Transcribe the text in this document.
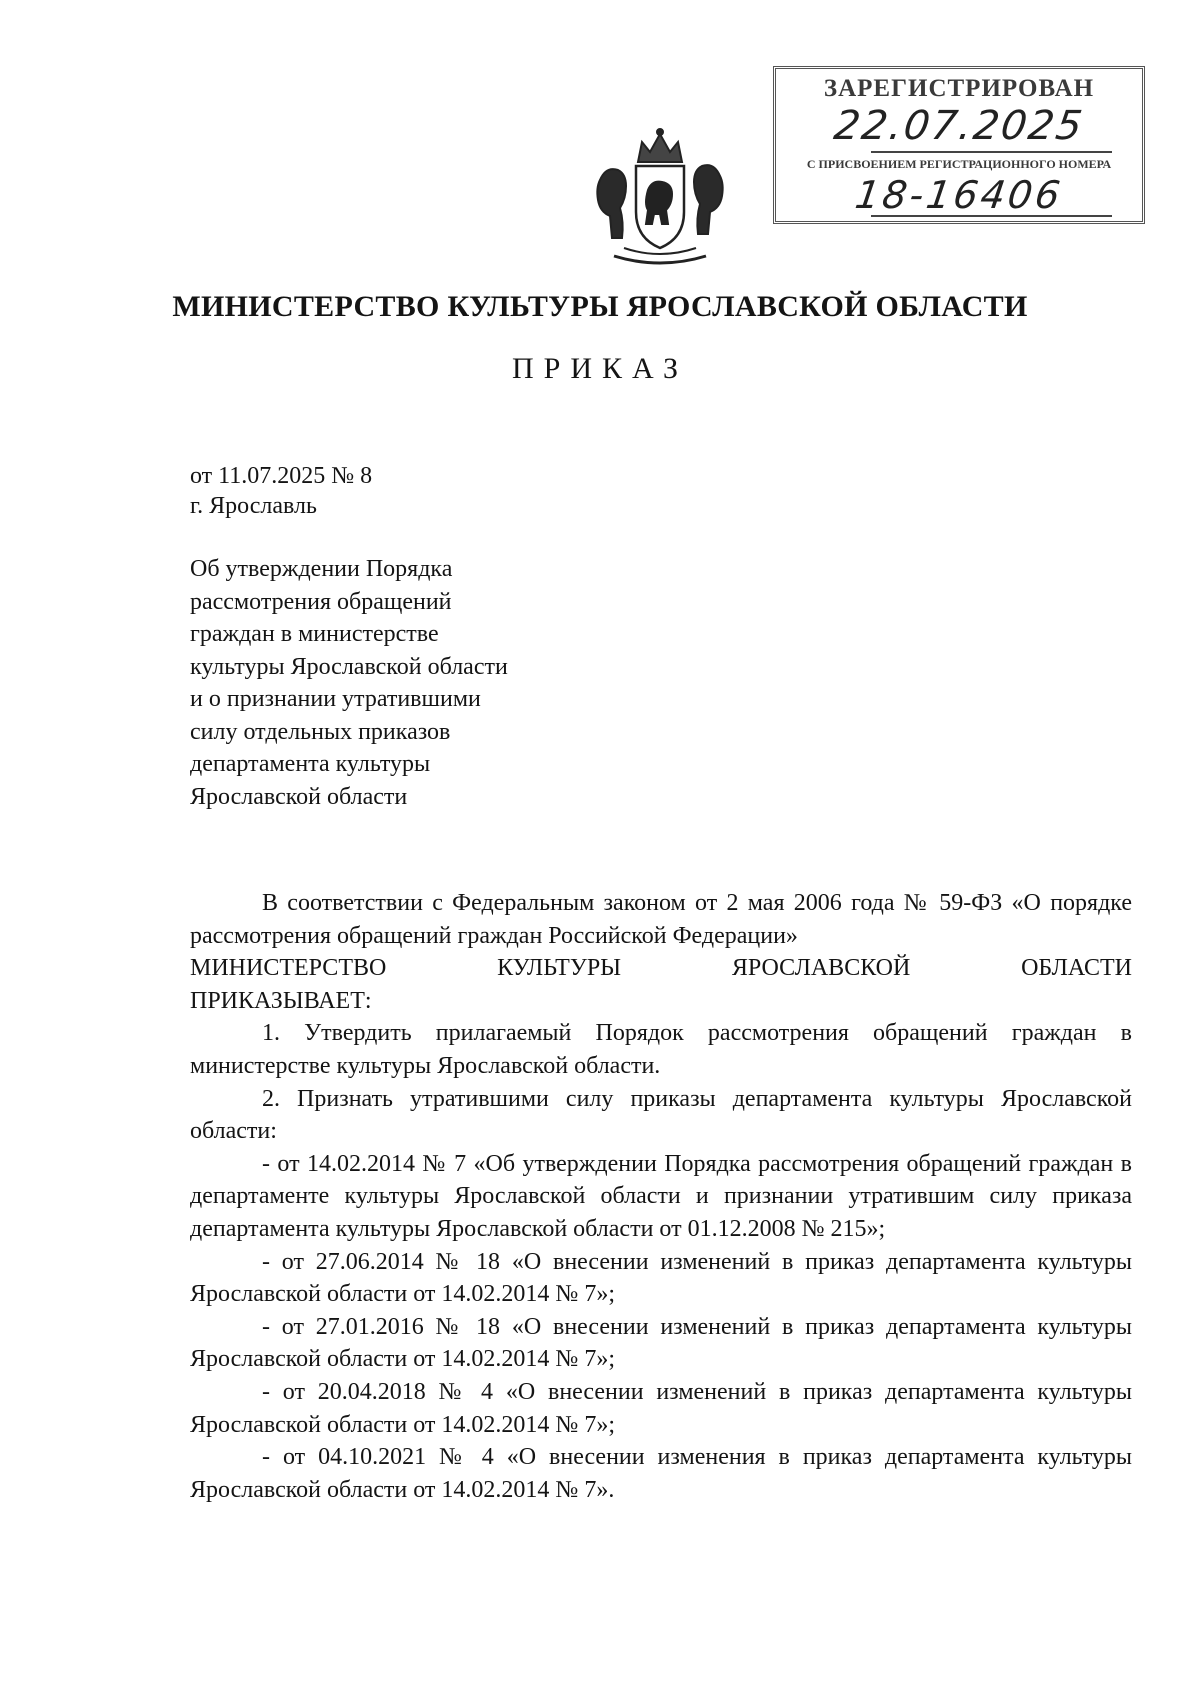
ЗАРЕГИСТРИРОВАН
22.07.2025
С ПРИСВОЕНИЕМ РЕГИСТРАЦИОННОГО НОМЕРА
18-16406
МИНИСТЕРСТВО КУЛЬТУРЫ ЯРОСЛАВСКОЙ ОБЛАСТИ
ПРИКАЗ
от 11.07.2025 № 8
г. Ярославль
Об утверждении Порядка
рассмотрения обращений
граждан в министерстве
культуры Ярославской области
и о признании утратившими
силу отдельных приказов
департамента культуры
Ярославской области

В соответствии с Федеральным законом от 2 мая 2006 года № 59-ФЗ «О порядке рассмотрения обращений граждан Российской Федерации»

МИНИСТЕРСТВО КУЛЬТУРЫ ЯРОСЛАВСКОЙ ОБЛАСТИ

ПРИКАЗЫВАЕТ:

1. Утвердить прилагаемый Порядок рассмотрения обращений граждан в министерстве культуры Ярославской области.

2. Признать утратившими силу приказы департамента культуры Ярославской области:

- от 14.02.2014 № 7 «Об утверждении Порядка рассмотрения обращений граждан в департаменте культуры Ярославской области и признании утратившим силу приказа департамента культуры Ярославской области от 01.12.2008 № 215»;

- от 27.06.2014 № 18 «О внесении изменений в приказ департамента культуры Ярославской области от 14.02.2014 № 7»;

- от 27.01.2016 № 18 «О внесении изменений в приказ департамента культуры Ярославской области от 14.02.2014 № 7»;

- от 20.04.2018 № 4 «О внесении изменений в приказ департамента культуры Ярославской области от 14.02.2014 № 7»;

- от 04.10.2021 № 4 «О внесении изменения в приказ департамента культуры Ярославской области от 14.02.2014 № 7».
